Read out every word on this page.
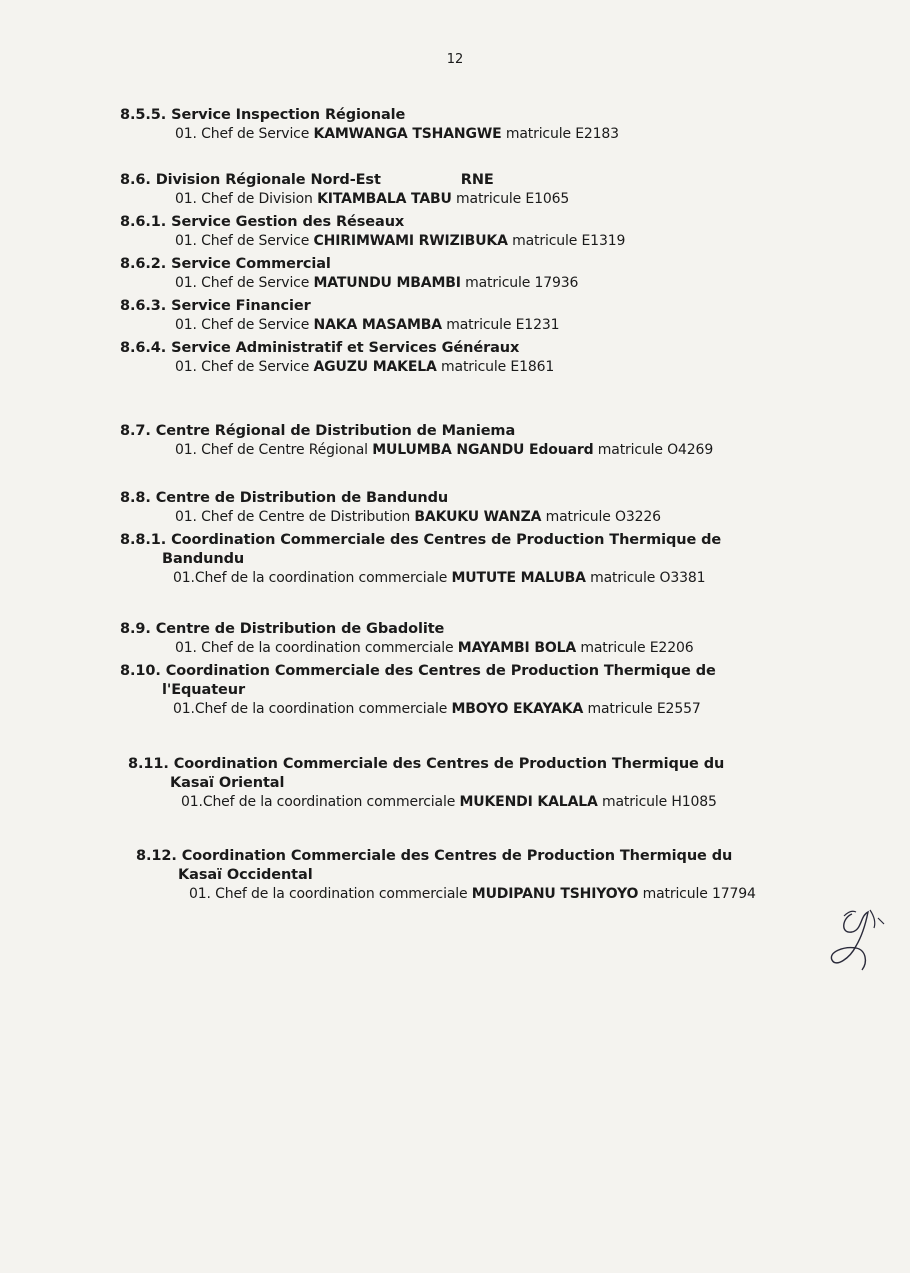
12
8.5.5. Service Inspection Régionale
01. Chef de Service KAMWANGA TSHANGWE matricule E2183
8.6. Division Régionale Nord-Est	RNE
01. Chef de Division KITAMBALA TABU matricule E1065
8.6.1. Service Gestion des Réseaux
01. Chef de Service CHIRIMWAMI RWIZIBUKA matricule E1319
8.6.2. Service Commercial
01. Chef de Service MATUNDU MBAMBI matricule 17936
8.6.3. Service Financier
01. Chef de Service NAKA MASAMBA matricule E1231
8.6.4. Service Administratif et Services Généraux
01. Chef de Service AGUZU MAKELA matricule E1861
8.7. Centre Régional de Distribution de Maniema
01. Chef de Centre Régional MULUMBA NGANDU Edouard matricule O4269
8.8. Centre de Distribution de Bandundu
01. Chef de Centre de Distribution BAKUKU WANZA matricule O3226
8.8.1. Coordination Commerciale des Centres de Production Thermique de
Bandundu
01.Chef de la coordination commerciale MUTUTE MALUBA matricule O3381
8.9. Centre de Distribution de Gbadolite
01. Chef de la coordination commerciale MAYAMBI BOLA matricule E2206
8.10. Coordination Commerciale des Centres de Production Thermique de
l'Equateur
01.Chef de la coordination commerciale MBOYO EKAYAKA matricule E2557
8.11. Coordination Commerciale des Centres de Production Thermique du
Kasaï Oriental
01.Chef de la coordination commerciale MUKENDI KALALA matricule H1085
8.12. Coordination Commerciale des Centres de Production Thermique du
Kasaï Occidental
01. Chef de la coordination commerciale MUDIPANU TSHIYOYO matricule 17794
